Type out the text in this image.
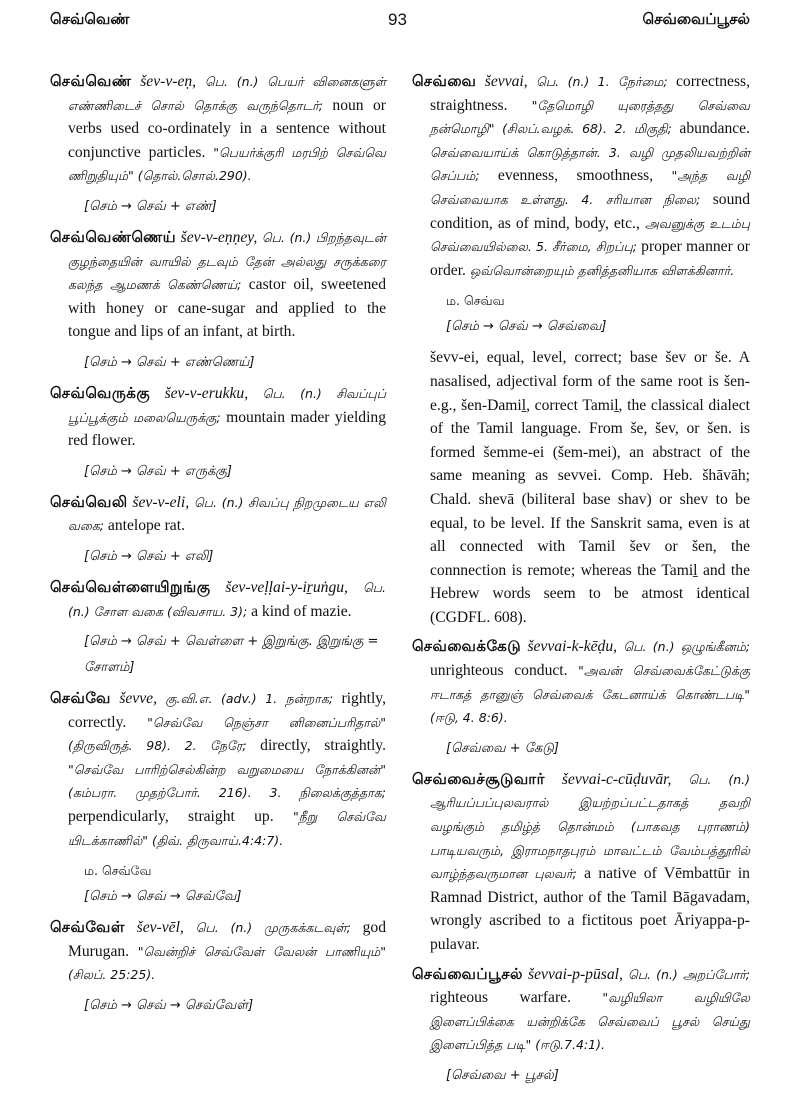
செவ்வெண்	93	செவ்வைப்பூசல்
செவ்வெண் šev-v-eṇ, பெ. (n.) பெயர் வினைகளுள் எண்ணிடைச் சொல் தொக்கு வருந்தொடர்; noun or verbs used co-ordinately in a sentence without conjunctive particles. "பெயர்க்குரி மரபிற் செவ்வெ ணிறுதியும்" (தொல்.சொல்.290).
[செம் → செவ் + எண்]
செவ்வெண்ணெய் šev-v-eṇṇey, பெ. (n.) பிறந்தவுடன் குழந்தையின் வாயில் தடவும் தேன் அல்லது சருக்கரை கலந்த ஆமணக் கெண்ணெய்; castor oil, sweetened with honey or cane-sugar and applied to the tongue and lips of an infant, at birth.
[செம் → செவ் + எண்ணெய்]
செவ்வெருக்கு šev-v-erukku, பெ. (n.) சிவப்புப் பூப்பூக்கும் மலையெருக்கு; mountain mader yielding red flower.
[செம் → செவ் + எருக்கு]
செவ்வெலி šev-v-eli, பெ. (n.) சிவப்பு நிறமுடைய எலி வகை; antelope rat.
[செம் → செவ் + எலி]
செவ்வெள்ளையிறுங்கு šev-veḷḷai-y-iṟuṅgu, பெ. (n.) சோள வகை (விவசாய. 3); a kind of mazie.
[செம் → செவ் + வெள்ளை + இறுங்கு. இறுங்கு = சோளம்]
செவ்வே ševve, கு.வி.எ. (adv.) 1. நன்றாக; rightly, correctly. "செவ்வே நெஞ்சா னினைப்பரிதால்" (திருவிருத். 98). 2. நேரே; directly, straightly. "செவ்வே பாரிற்செல்கின்ற வறுமையை நோக்கினன்" (கம்பரா. முதற்போர். 216). 3. நிலைக்குத்தாக; perpendicularly, straight up. "நீறு செவ்வே யிடக்காணில்" (திவ். திருவாய்.4:4:7).
ம. செவ்வே
[செம் → செவ் → செவ்வே]
செவ்வேள் šev-vēl, பெ. (n.) முருகக்கடவுள்; god Murugan. "வென்றிச் செவ்வேள் வேலன் பாணியும்" (சிலப். 25:25).
[செம் → செவ் → செவ்வேள்]
செவ்வை ševvai, பெ. (n.) 1. நேர்மை; correctness, straightness. "தேமொழி யுரைத்தது செவ்வை நன்மொழி" (சிலப்.வழக். 68). 2. மிகுதி; abundance. செவ்வையாய்க் கொடுத்தான். 3. வழி முதலியவற்றின் செப்பம்; evenness, smoothness, "அந்த வழி செவ்வையாக உள்ளது. 4. சரியான நிலை; sound condition, as of mind, body, etc., அவனுக்கு உடம்பு செவ்வையில்லை. 5. சீர்மை, சிறப்பு; proper manner or order. ஒவ்வொன்றையும் தனித்தனியாக விளக்கினார்.
ம. செவ்வ
[செம் → செவ் → செவ்வை]
ševv-ei, equal, level, correct; base šev or še. A nasalised, adjectival form of the same root is šen- e.g., šen-Damiḻ, correct Tamiḻ, the classical dialect of the Tamil language. From še, šev, or šen. is formed šemme-ei (šem-mei), an abstract of the same meaning as sevvei. Comp. Heb. šhāvāh; Chald. shevā (biliteral base shav) or shev to be equal, to be level. If the Sanskrit sama, even is at all connected with Tamil šev or šen, the connnection is remote; whereas the Tamiḻ and the Hebrew words seem to be atmost identical (CGDFL. 608).
செவ்வைக்கேடு ševvai-k-kēḍu, பெ. (n.) ஒழுங்கீனம்; unrighteous conduct. "அவன் செவ்வைக்கேட்டுக்கு ஈடாகத் தானுஞ் செவ்வைக் கேடனாய்க் கொண்டபடி" (ஈடு, 4. 8:6).
[செவ்வை + கேடு]
செவ்வைச்சூடுவார் ševvai-c-cūḍuvār, பெ. (n.) ஆரியப்பப்புலவரால் இயற்றப்பட்டதாகத் தவறி வழங்கும் தமிழ்த் தொன்மம் (பாகவத புராணம்) பாடியவரும், இராமநாதபுரம் மாவட்டம் வேம்பத்தூரில் வாழ்ந்தவருமான புலவர்; a native of Vēmbattūr in Ramnad District, author of the Tamil Bāgavadam, wrongly ascribed to a fictitous poet Āriyappa-p-pulavar.
செவ்வைப்பூசல் ševvai-p-pūsal, பெ. (n.) அறப்போர்; righteous warfare. "வழியிலா வழியிலே இளைப்பிக்கை யன்றிக்கே செவ்வைப் பூசல் செய்து இளைப்பித்த படி" (ஈடு.7.4:1).
[செவ்வை + பூசல்]
